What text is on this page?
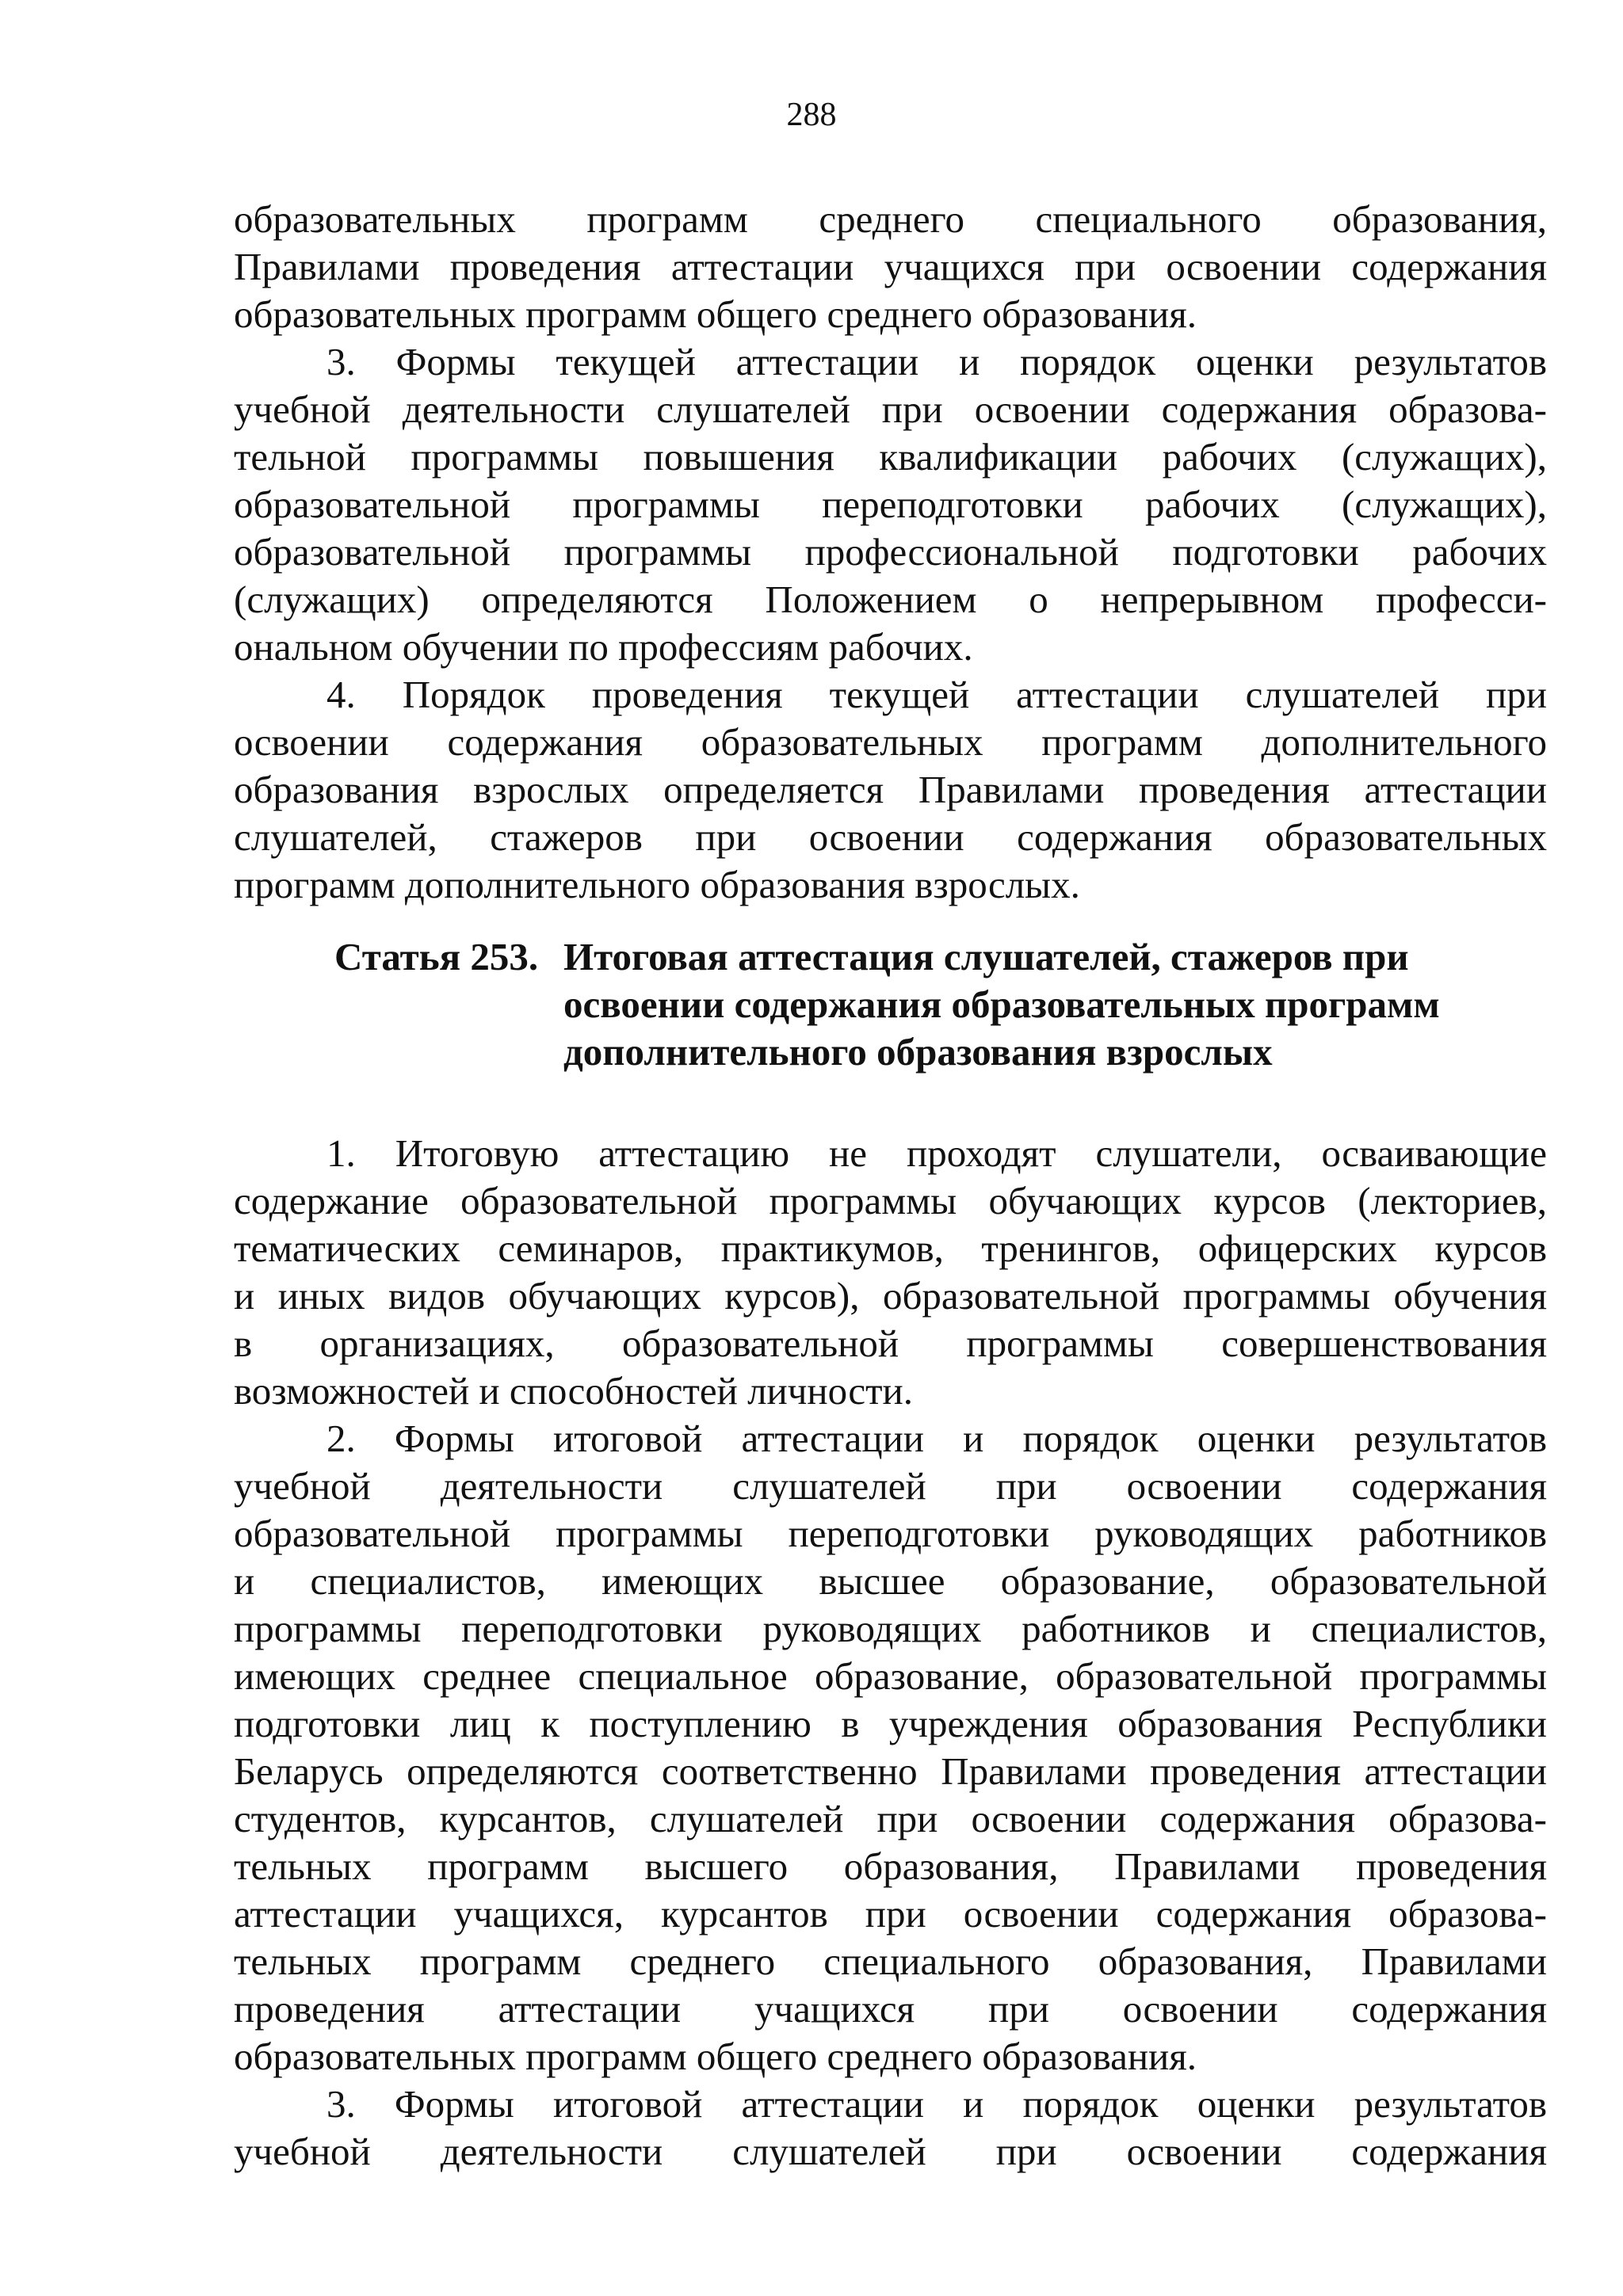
288
образовательных программ среднего специального образования,
Правилами проведения аттестации учащихся при освоении содержания
образовательных программ общего среднего образования.
3. Формы текущей аттестации и порядок оценки результатов
учебной деятельности слушателей при освоении содержания образова-
тельной программы повышения квалификации рабочих (служащих),
образовательной программы переподготовки рабочих (служащих),
образовательной программы профессиональной подготовки рабочих
(служащих) определяются Положением о непрерывном професси-
ональном обучении по профессиям рабочих.
4. Порядок проведения текущей аттестации слушателей при
освоении содержания образовательных программ дополнительного
образования взрослых определяется Правилами проведения аттестации
слушателей, стажеров при освоении содержания образовательных
программ дополнительного образования взрослых.
Статья 253. Итоговая аттестация слушателей, стажеров при
освоении содержания образовательных программ
дополнительного образования взрослых
1. Итоговую аттестацию не проходят слушатели, осваивающие
содержание образовательной программы обучающих курсов (лекториев,
тематических семинаров, практикумов, тренингов, офицерских курсов
и иных видов обучающих курсов), образовательной программы обучения
в организациях, образовательной программы совершенствования
возможностей и способностей личности.
2. Формы итоговой аттестации и порядок оценки результатов
учебной деятельности слушателей при освоении содержания
образовательной программы переподготовки руководящих работников
и специалистов, имеющих высшее образование, образовательной
программы переподготовки руководящих работников и специалистов,
имеющих среднее специальное образование, образовательной программы
подготовки лиц к поступлению в учреждения образования Республики
Беларусь определяются соответственно Правилами проведения аттестации
студентов, курсантов, слушателей при освоении содержания образова-
тельных программ высшего образования, Правилами проведения
аттестации учащихся, курсантов при освоении содержания образова-
тельных программ среднего специального образования, Правилами
проведения аттестации учащихся при освоении содержания
образовательных программ общего среднего образования.
3. Формы итоговой аттестации и порядок оценки результатов
учебной деятельности слушателей при освоении содержания
